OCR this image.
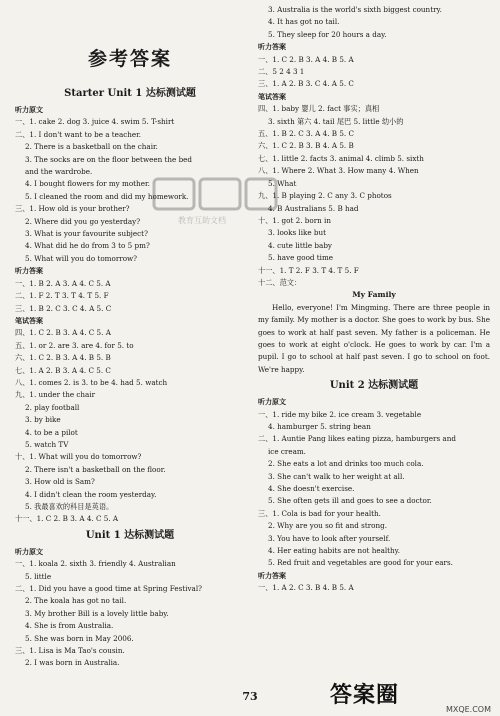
参考答案
Starter Unit 1 达标测试题
听力原文
一、1. cake 2. dog 3. juice 4. swim 5. T-shirt
二、1. I don't want to be a teacher.
2. There is a basketball on the chair.
3. The socks are on the floor between the bed
and the wardrobe.
4. I bought flowers for my mother.
5. I cleaned the room and did my homework.
三、1. How old is your brother?
2. Where did you go yesterday?
3. What is your favourite subject?
4. What did he do from 3 to 5 pm?
5. What will you do tomorrow?
听力答案
一、1. B 2. A 3. A 4. C 5. A
二、1. F 2. T 3. T 4. T 5. F
三、1. B 2. C 3. C 4. A 5. C
笔试答案
四、1. C 2. B 3. A 4. C 5. A
五、1. or 2. are 3. are 4. for 5. to
六、1. C 2. B 3. A 4. B 5. B
七、1. A 2. B 3. A 4. C 5. C
八、1. comes 2. is 3. to be 4. had 5. watch
九、1. under the chair
2. play football
3. by bike
4. to be a pilot
5. watch TV
十、1. What will you do tomorrow?
2. There isn't a basketball on the floor.
3. How old is Sam?
4. I didn't clean the room yesterday.
5. 我最喜欢的科目是英语。
十一、1. C 2. B 3. A 4. C 5. A
Unit 1 达标测试题
听力原文
一、1. koala 2. sixth 3. friendly 4. Australian
5. little
二、1. Did you have a good time at Spring Festival?
2. The koala has got no tail.
3. My brother Bill is a lovely little baby.
4. She is from Australia.
5. She was born in May 2006.
三、1. Lisa is Ma Tao's cousin.
2. I was born in Australia.
3. Australia is the world's sixth biggest country.
4. It has got no tail.
5. They sleep for 20 hours a day.
听力答案
一、1. C 2. B 3. A 4. B 5. A
二、5 2 4 3 1
三、1. A 2. B 3. C 4. A 5. C
笔试答案
四、1. baby 婴儿 2. fact 事实；真相
3. sixth 第六 4. tail 尾巴 5. little 幼小的
五、1. B 2. C 3. A 4. B 5. C
六、1. C 2. B 3. B 4. A 5. B
七、1. little 2. facts 3. animal 4. climb 5. sixth
八、1. Where 2. What 3. How many 4. When
5. What
九、1. B playing 2. C any 3. C photos
4. B Australians 5. B had
十、1. got 2. born in
3. looks like but
4. cute little baby
5. have good time
十一、1. T 2. F 3. T 4. T 5. F
十二、范文：
My Family

Hello, everyone! I'm Mingming. There are three people in my family. My mother is a doctor. She goes to work by bus. She goes to work at half past seven. My father is a policeman. He goes to work at eight o'clock. He goes to work by car. I'm a pupil. I go to school at half past seven. I go to school on foot. We're happy.

Unit 2 达标测试题
听力原文
一、1. ride my bike 2. ice cream 3. vegetable
4. hamburger 5. string bean
二、1. Auntie Pang likes eating pizza, hamburgers and
ice cream.
2. She eats a lot and drinks too much cola.
3. She can't walk to her weight at all.
4. She doesn't exercise.
5. She often gets ill and goes to see a doctor.
三、1. Cola is bad for your health.
2. Why are you so fit and strong.
3. You have to look after yourself.
4. Her eating habits are not healthy.
5. Red fruit and vegetables are good for your ears.
听力答案
一、1. A 2. C 3. B 4. B 5. A
73
教育互助文档
答案圈
MXQE.COM
